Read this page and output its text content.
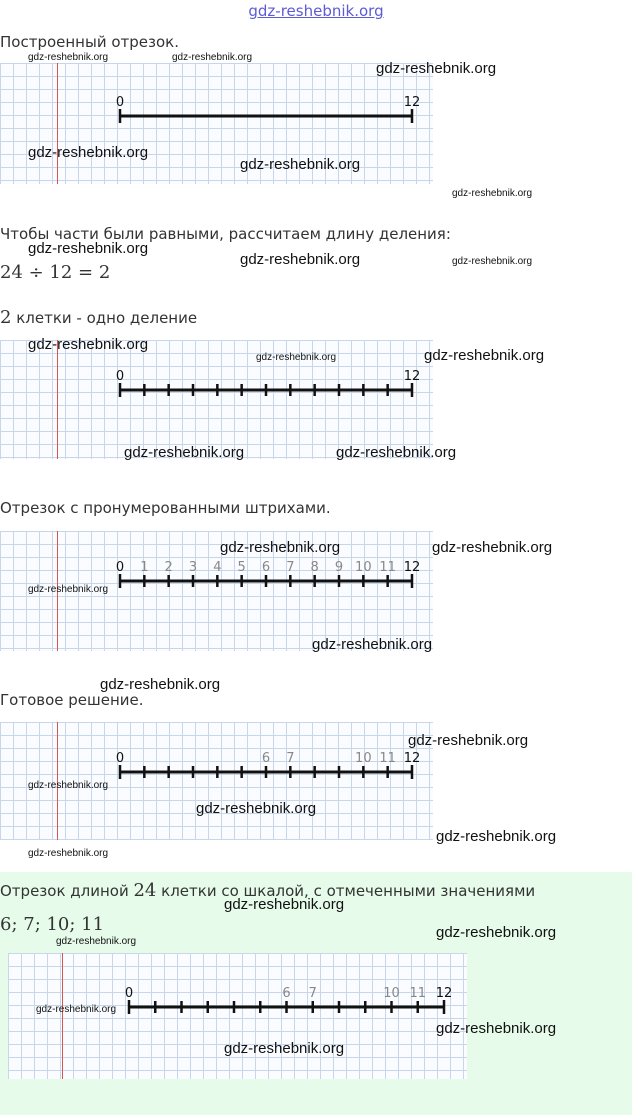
gdz-reshebnik.org
Построенный отрезок.
0	12
Чтобы части были равными, рассчитаем длину деления:
24 ÷ 12 = 2
2 клетки - одно деление
0	12
Отрезок с пронумерованными штрихами.
0 1 2 3 4 5 6 7 8 9 10 11 12
Готовое решение.
0	6 7	10 11 12
Отрезок длиной 24 клетки со шкалой, с отмеченными значениями
6; 7; 10; 11
0	6 7	10 11 12
gdz-reshebnik.org	gdz-reshebnik.org
gdz-reshebnik.org
gdz-reshebnik.org
gdz-reshebnik.org
gdz-reshebnik.org
gdz-reshebnik.org
gdz-reshebnik.org	gdz-reshebnik.org
gdz-reshebnik.org
gdz-reshebnik.org	gdz-reshebnik.org
gdz-reshebnik.org	gdz-reshebnik.org
gdz-reshebnik.org	gdz-reshebnik.org
gdz-reshebnik.org
gdz-reshebnik.org
gdz-reshebnik.org
gdz-reshebnik.org
gdz-reshebnik.org
gdz-reshebnik.org
gdz-reshebnik.org
gdz-reshebnik.org
gdz-reshebnik.org
gdz-reshebnik.org
gdz-reshebnik.org
gdz-reshebnik.org
gdz-reshebnik.org
gdz-reshebnik.org
